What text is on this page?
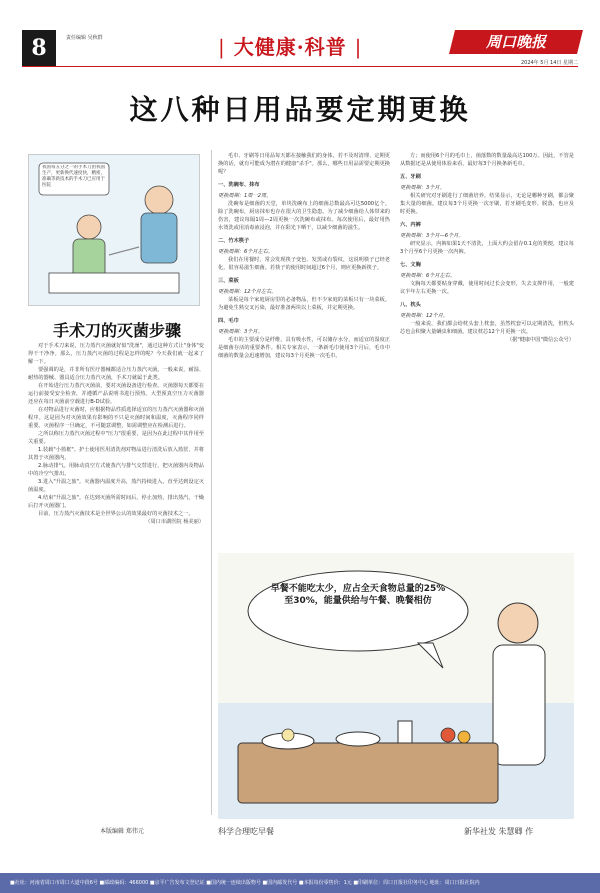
8	责任编辑 吴秋群	| 大健康·科普 |	周口晚报
2024年 5月 14日 星期二
这八种日用品要定期更换
我国每五分之一的手术刀由我国生产，更新换代速度快，精密，准确等新技术的手术刀已应用于医院
手术刀的灭菌步骤

对于手术刀来说，压力蒸汽灭菌就好似"洗澡"，通过这种方式让"身体"变得干干净净。那么，压力蒸汽灭菌的过程是怎样的呢？今天我们就一起来了解一下。

要强调的是，并非所有医疗器械都适合压力蒸汽灭菌。一般来说，耐湿、耐热的器械、器具适合压力蒸汽灭菌，手术刀就属于此类。

在开始进行压力蒸汽灭菌前，要对灭菌设备进行检查。灭菌器每天都要在运行前接受安全检查，并遵循产品说明书进行预热。大型预真空压力灭菌器还应在每日灭菌前空载进行B-D试验。

在对物品进行灭菌时，应根据物品性质选择适宜的压力蒸汽灭菌器和灭菌程序。这是因为对灭菌效果有影响的不只是灭菌时间和温度，灭菌程序同样重要。灭菌程序一旦确定，不可随意调整，如需调整应在检测后进行。

之所以称压力蒸汽灭菌过程中"压力"很重要，是因为在此过程中其作用至关重要。

1.装载"小篮框"。护士使用医用清洗剂对物品进行清洗后放入篮筐，并将其置于灭菌器内。

2.脉动排气。用脉动真空方式使蒸汽与排气交替进行，把灭菌器内及物品中的冷空气排出。

3.进入"升温之旅"。灭菌器内温度升高，蒸汽持续进入，直至达到设定灭菌温度。

4.结束"升温之旅"。在达到灭菌所需时间后，停止加热，排出蒸汽，干燥后打开灭菌器门。

目前，压力蒸汽灭菌技术是全世界公认的效果最好的灭菌技术之一。

（周口市湖医院 杨美丽）

毛巾、牙刷等日用品每天都在接触我们的身体，若不及时清理、定期更换的话，就有可能成为潜在的健康"杀手"。那么，哪些日用品需要定期更换呢？

一、洗碗布、抹布

更换周期：1周一2周。

洗碗布是细菌的天堂，单块洗碗布上的细菌总数最高可达5000亿个。除了洗碗布，厨房抹布也存在很大的卫生隐患。为了减少细菌给人体带来的伤害，建议每隔1周—2周更换一次洗碗布或抹布。每次使用后，最好用热水烫洗或用消毒液浸泡，并在阳光下晒干，以减少细菌的滋生。

二、竹木筷子

更换周期：6个月左右。

我们在用餐时，常会发现筷子变色、发黑或有裂纹，这说明筷子已经老化，很容易滋生细菌。若筷子的使用时间超过6个月，则应更换新筷子。

三、菜板

更换周期：12个月左右。

菜板是每个家庭厨房里的必备物品，但不少家庭的菜板只有一块菜板。为避免生熟交叉污染，最好准备两块以上菜板，并定期更换。

四、毛巾

更换周期：3个月。

毛巾的主要成分是纤维，具有吸水性，可以储存水分，而适宜的湿度正是细菌存活的重要条件。相关专家表示，一条新毛巾使用3个月后，毛巾中细菌的数量会迅速增加，建议每3个月更换一次毛巾。

方；而使用6个月的毛巾上，菌落数的数量最高达100万。因此，不管是从数据还是从使用体验来看，最好每3个月换条新毛巾。

五、牙刷

更换周期：3个月。

相关研究对牙刷进行了细菌培养，结果显示，无论是哪种牙刷，都会聚集大量的细菌。建议每3个月更换一次牙刷，若牙刷毛变形、脱落，也应及时更换。

六、内裤

更换周期：3个月—6个月。

研究显示，内裤如果1天不清洗，上面大约会留存0.1克的粪便，建议每3个月至6个月更换一次内裤。

七、文胸

更换周期：6个月左右。

文胸每天都要贴身穿戴，使用时间过长会变形，失去支撑作用，一般建议半年左右更换一次。

八、枕头

更换周期：12个月。

一般来说，我们都会给枕头套上枕套，虽然枕套可以定期清洗，但枕头芯也会积聚大量螨虫和细菌。建议枕芯12个月更换一次。

（据"健康中国"微信公众号）

早餐不能吃太少，应占全天食物总量的25%至30%，能量供给与午餐、晚餐相仿
本版编辑 郑伟元	科学合理吃早餐	新华社发 朱慧卿 作
■社址：河南省周口市周口大道中段6号 ■邮政编码：466000 ■京平广告发布文登记证 ■国内统一连续出版物号 ■国内邮发代号 ■本报每份零售价：1元 ■印刷单位：周口日报社印务中心 地址：周口日报社院内
